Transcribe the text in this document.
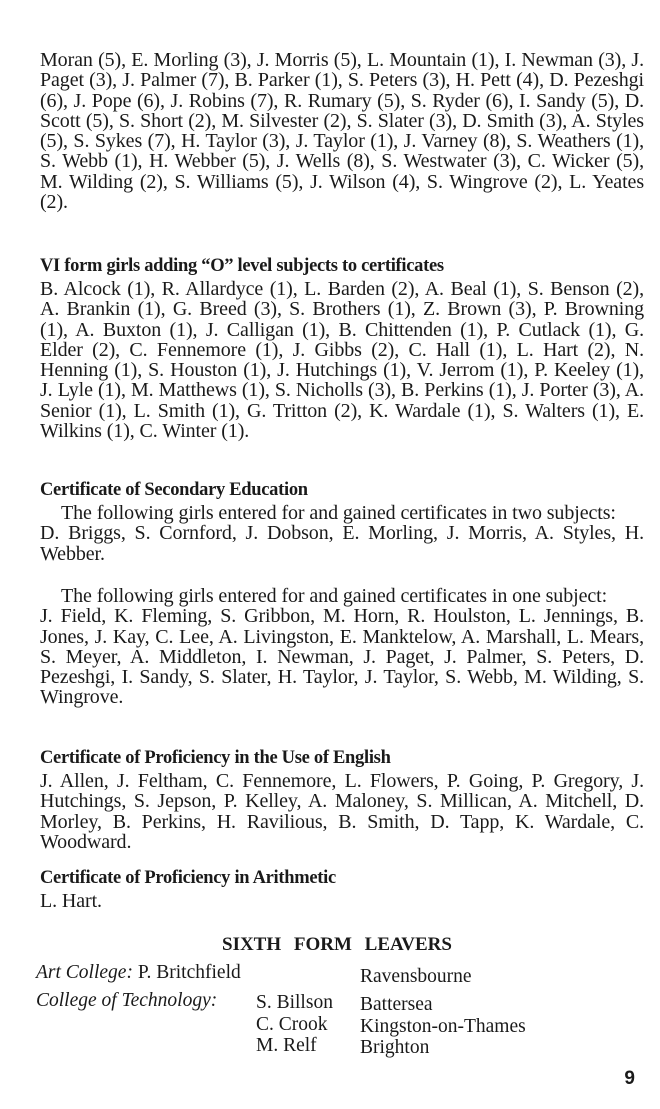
Moran (5), E. Morling (3), J. Morris (5), L. Mountain (1), I. Newman (3), J. Paget (3), J. Palmer (7), B. Parker (1), S. Peters (3), H. Pett (4), D. Pezeshgi (6), J. Pope (6), J. Robins (7), R. Rumary (5), S. Ryder (6), I. Sandy (5), D. Scott (5), S. Short (2), M. Silvester (2), S. Slater (3), D. Smith (3), A. Styles (5), S. Sykes (7), H. Taylor (3), J. Taylor (1), J. Varney (8), S. Weathers (1), S. Webb (1), H. Webber (5), J. Wells (8), S. Westwater (3), C. Wicker (5), M. Wilding (2), S. Williams (5), J. Wilson (4), S. Wingrove (2), L. Yeates (2).

VI form girls adding “O” level subjects to certificates

B. Alcock (1), R. Allardyce (1), L. Barden (2), A. Beal (1), S. Benson (2), A. Brankin (1), G. Breed (3), S. Brothers (1), Z. Brown (3), P. Browning (1), A. Buxton (1), J. Calligan (1), B. Chittenden (1), P. Cutlack (1), G. Elder (2), C. Fennemore (1), J. Gibbs (2), C. Hall (1), L. Hart (2), N. Henning (1), S. Houston (1), J. Hutchings (1), V. Jerrom (1), P. Keeley (1), J. Lyle (1), M. Matthews (1), S. Nicholls (3), B. Perkins (1), J. Porter (3), A. Senior (1), L. Smith (1), G. Tritton (2), K. Wardale (1), S. Walters (1), E. Wilkins (1), C. Winter (1).

Certificate of Secondary Education

The following girls entered for and gained certificates in two subjects:

D. Briggs, S. Cornford, J. Dobson, E. Morling, J. Morris, A. Styles, H. Webber.

The following girls entered for and gained certificates in one subject:

J. Field, K. Fleming, S. Gribbon, M. Horn, R. Houlston, L. Jennings, B. Jones, J. Kay, C. Lee, A. Livingston, E. Manktelow, A. Marshall, L. Mears, S. Meyer, A. Middleton, I. Newman, J. Paget, J. Palmer, S. Peters, D. Pezeshgi, I. Sandy, S. Slater, H. Taylor, J. Taylor, S. Webb, M. Wilding, S. Wingrove.

Certificate of Proficiency in the Use of English

J. Allen, J. Feltham, C. Fennemore, L. Flowers, P. Going, P. Gregory, J. Hutchings, S. Jepson, P. Kelley, A. Maloney, S. Millican, A. Mitchell, D. Morley, B. Perkins, H. Ravilious, B. Smith, D. Tapp, K. Wardale, C. Woodward.

Certificate of Proficiency in Arithmetic

L. Hart.

SIXTH FORM LEAVERS
Art College: P. Britchfield	Ravensbourne
College of Technology: S. Billson Battersea
C. Crook Kingston-on-Thames
M. Relf Brighton
9
